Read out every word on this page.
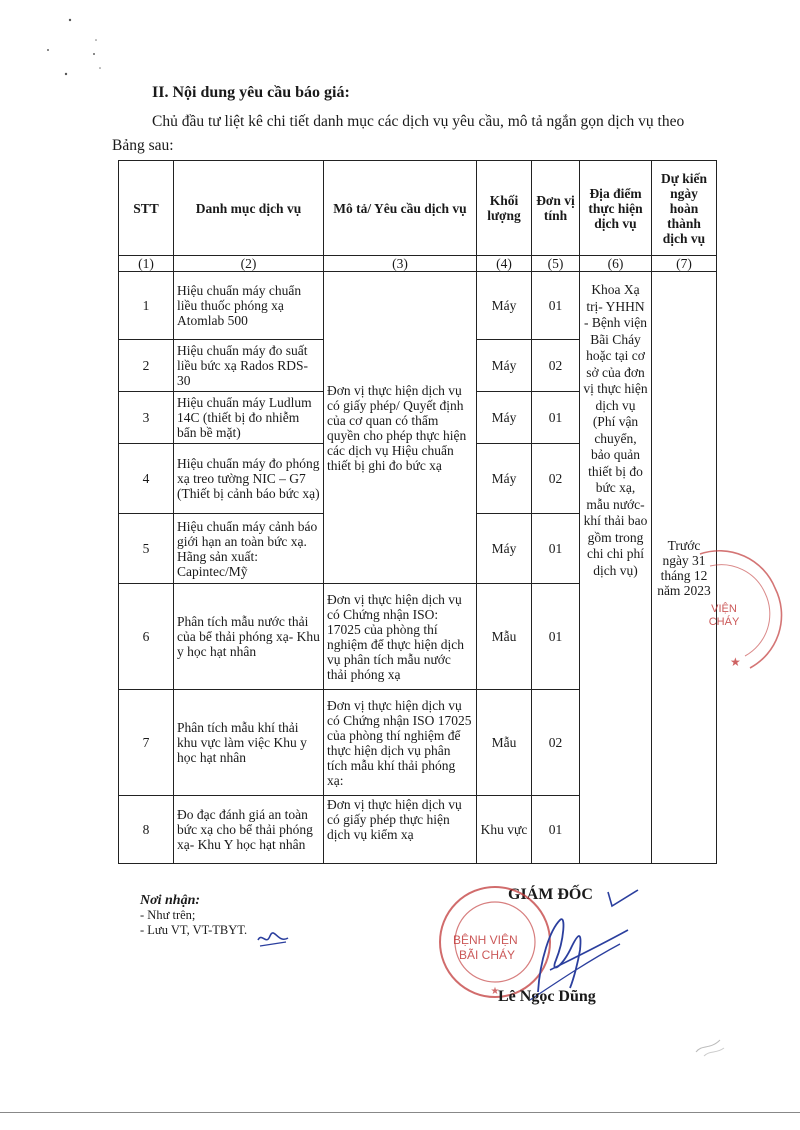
II. Nội dung yêu cầu báo giá:
Chủ đầu tư liệt kê chi tiết danh mục các dịch vụ yêu cầu, mô tả ngắn gọn dịch vụ theo Bảng sau:
STT	Danh mục dịch vụ	Mô tả/ Yêu cầu dịch vụ	Khối lượng	Đơn vị tính	Địa điểm thực hiện dịch vụ	Dự kiến ngày hoàn thành dịch vụ
(1)	(2)	(3)	(4)	(5)	(6)	(7)
1	Hiệu chuẩn máy chuẩn liều thuốc phóng xạ Atomlab 500	Đơn vị thực hiện dịch vụ có giấy phép/ Quyết định của cơ quan có thẩm quyền cho phép thực hiện các dịch vụ Hiệu chuẩn thiết bị ghi đo bức xạ	Máy	01	Khoa Xạ trị- YHHN - Bệnh viện Bãi Cháy hoặc tại cơ sở của đơn vị thực hiện dịch vụ (Phí vận chuyển, bảo quản thiết bị đo bức xạ, mẫu nước- khí thải bao gồm trong chi chi phí dịch vụ)	Trước ngày 31 tháng 12 năm 2023
2	Hiệu chuẩn máy đo suất liều bức xạ Rados RDS-30		Máy	02		
3	Hiệu chuẩn máy Ludlum 14C (thiết bị đo nhiễm bẩn bề mặt)		Máy	01		
4	Hiệu chuẩn máy đo phóng xạ treo tường NIC – G7 (Thiết bị cảnh báo bức xạ)		Máy	02		
5	Hiệu chuẩn máy cảnh báo giới hạn an toàn bức xạ. Hãng sản xuất: Capintec/Mỹ		Máy	01		
6	Phân tích mẫu nước thải của bể thải phóng xạ- Khu y học hạt nhân	Đơn vị thực hiện dịch vụ có Chứng nhận ISO: 17025 của phòng thí nghiệm để thực hiện dịch vụ phân tích mẫu nước thải phóng xạ	Mẫu	01		
7	Phân tích mẫu khí thải khu vực làm việc Khu y học hạt nhân	Đơn vị thực hiện dịch vụ có Chứng nhận ISO 17025 của phòng thí nghiệm để thực hiện dịch vụ phân tích mẫu khí thải phóng xạ:	Mẫu	02		
8	Đo đạc đánh giá an toàn bức xạ cho bể thải phóng xạ- Khu Y học hạt nhân	Đơn vị thực hiện dịch vụ có giấy phép thực hiện dịch vụ kiểm xạ	Khu vực	01		
★
VIỆN CHÁY
Nơi nhận:
- Như trên;
- Lưu VT, VT-TBYT.
GIÁM ĐỐC
★
BỆNH VIỆN
BÃI CHÁY
Lê Ngọc Dũng
